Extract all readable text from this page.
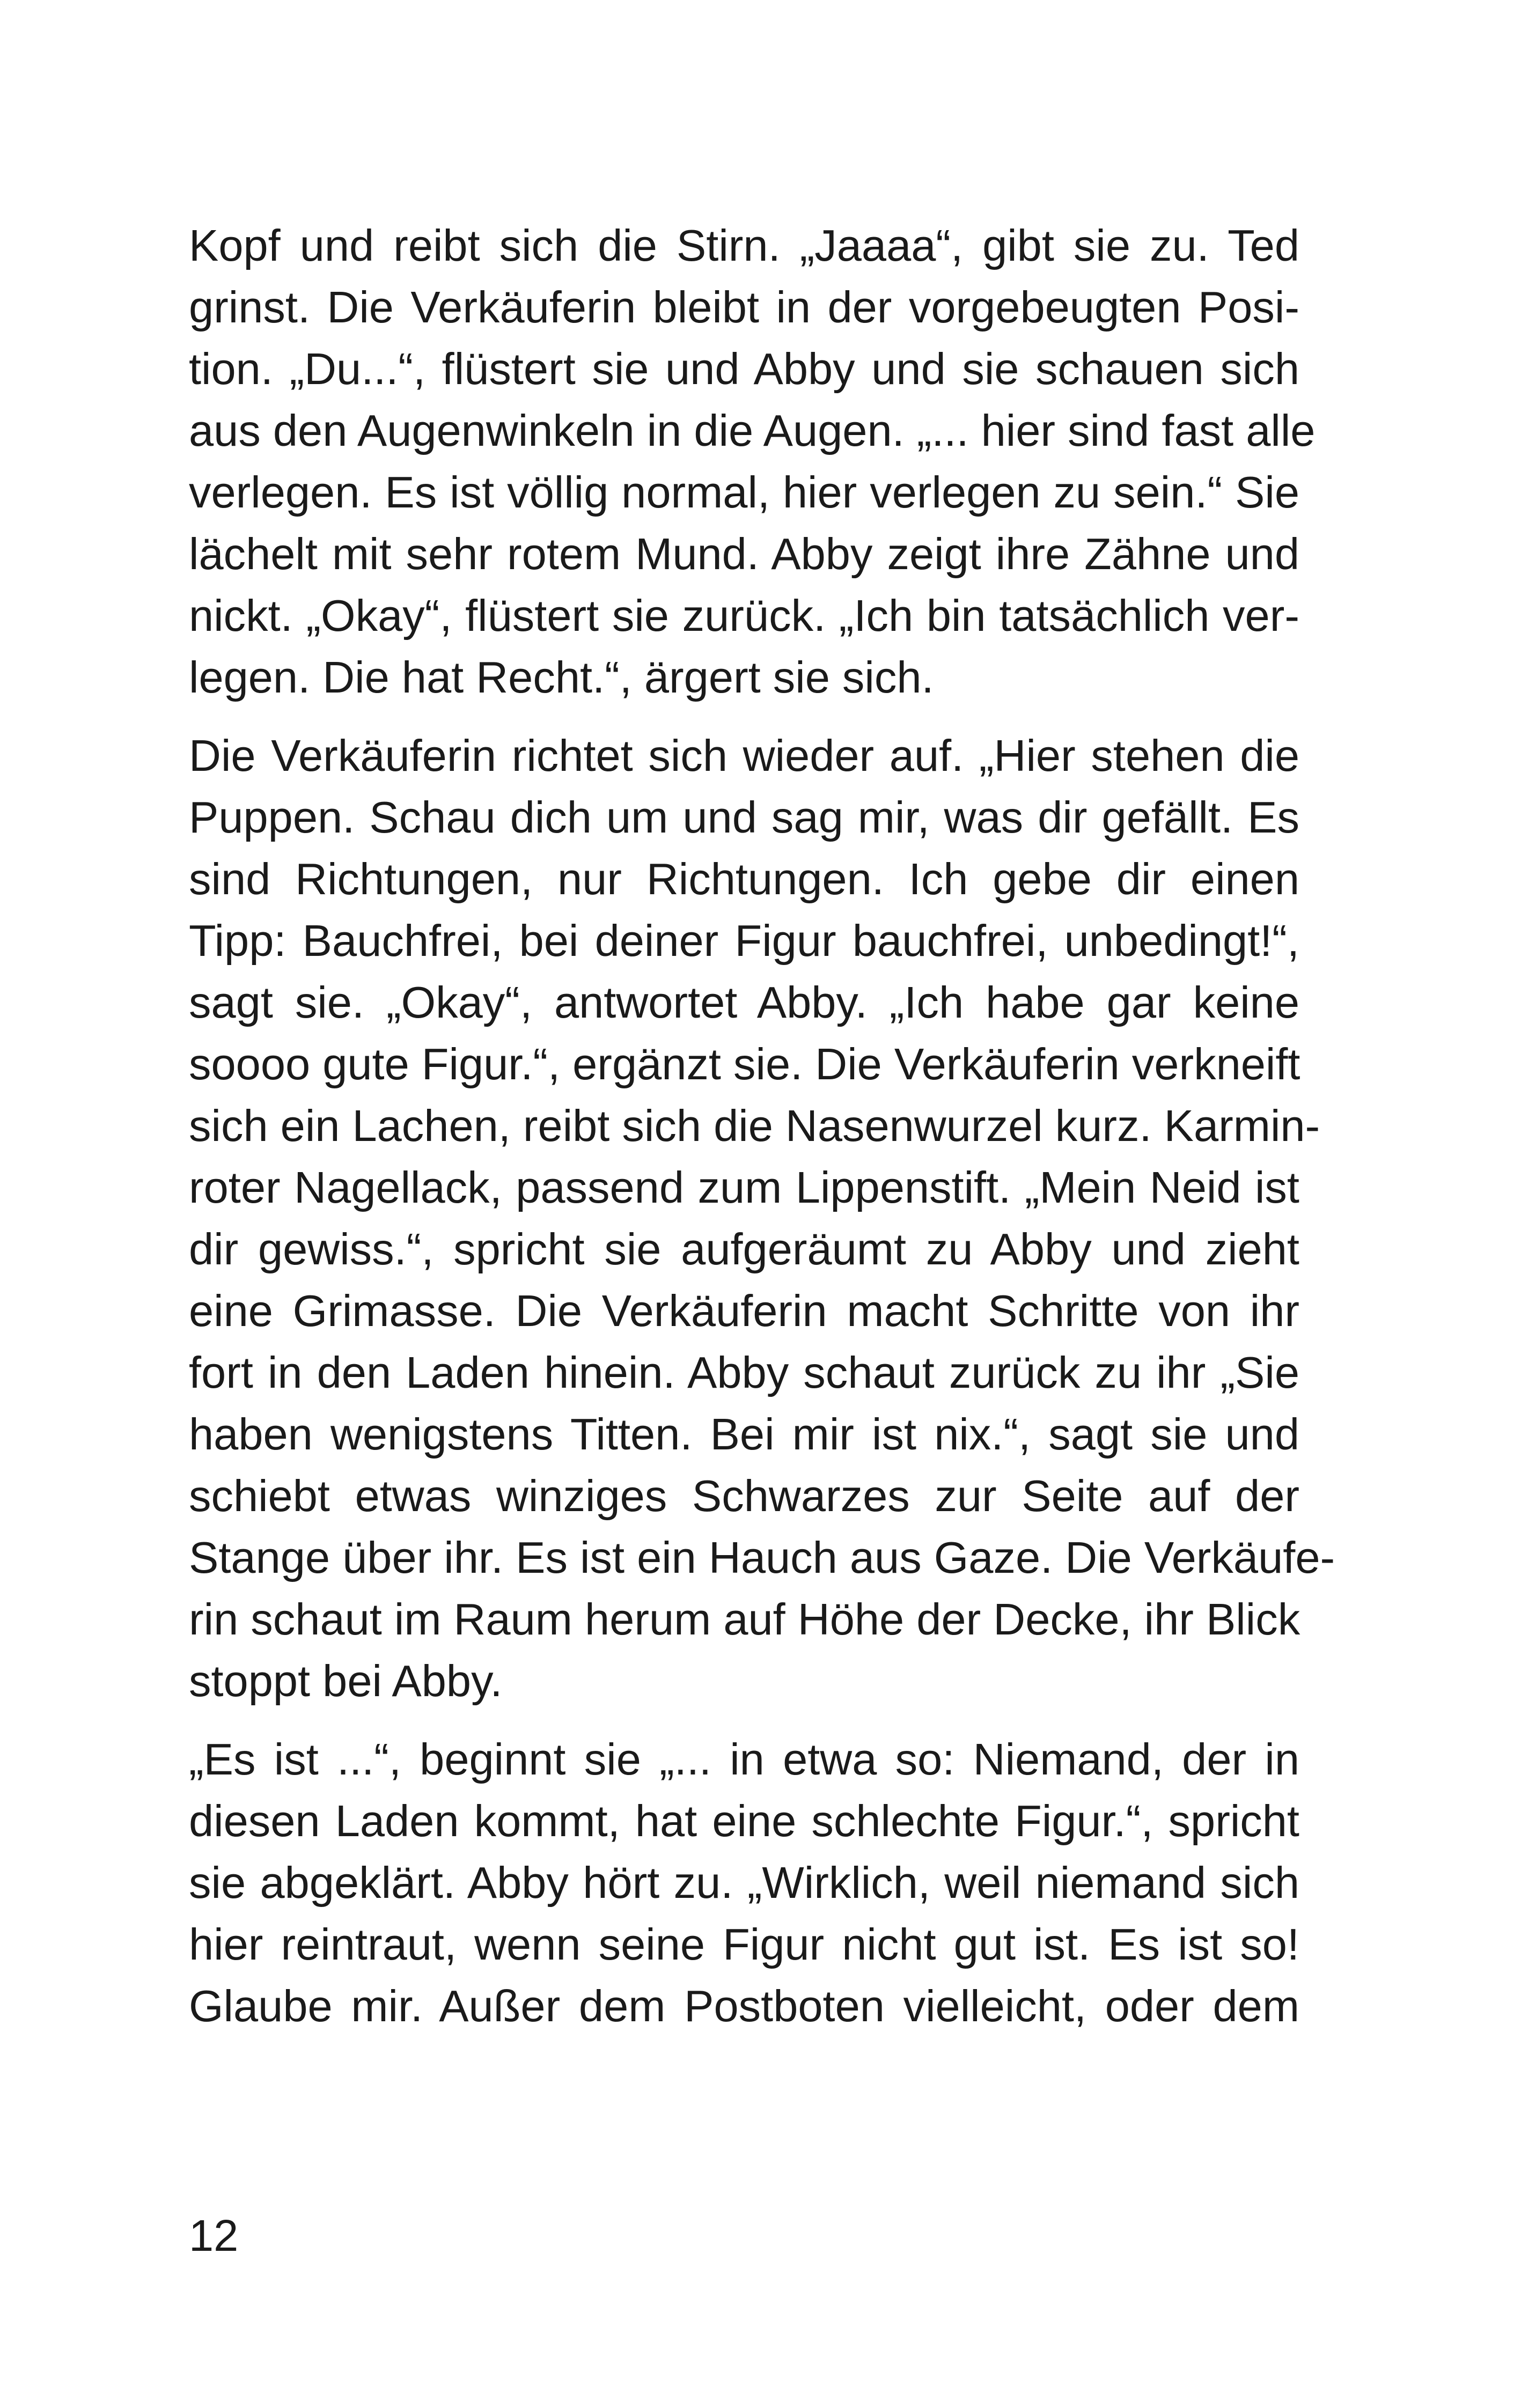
Kopf und reibt sich die Stirn. „Jaaaa“, gibt sie zu. Ted
grinst. Die Verkäuferin bleibt in der vorgebeugten Posi-
tion. „Du...“, flüstert sie und Abby und sie schauen sich
aus den Augenwinkeln in die Augen. „... hier sind fast alle
verlegen. Es ist völlig normal, hier verlegen zu sein.“ Sie
lächelt mit sehr rotem Mund. Abby zeigt ihre Zähne und
nickt. „Okay“, flüstert sie zurück. „Ich bin tatsächlich ver-
legen. Die hat Recht.“, ärgert sie sich.

Die Verkäuferin richtet sich wieder auf. „Hier stehen die
Puppen. Schau dich um und sag mir, was dir gefällt. Es
sind Richtungen, nur Richtungen. Ich gebe dir einen
Tipp: Bauchfrei, bei deiner Figur bauchfrei, unbedingt!“,
sagt sie. „Okay“, antwortet Abby. „Ich habe gar keine
soooo gute Figur.“, ergänzt sie. Die Verkäuferin verkneift
sich ein Lachen, reibt sich die Nasenwurzel kurz. Karmin-
roter Nagellack, passend zum Lippenstift. „Mein Neid ist
dir gewiss.“, spricht sie aufgeräumt zu Abby und zieht
eine Grimasse. Die Verkäuferin macht Schritte von ihr
fort in den Laden hinein. Abby schaut zurück zu ihr „Sie
haben wenigstens Titten. Bei mir ist nix.“, sagt sie und
schiebt etwas winziges Schwarzes zur Seite auf der
Stange über ihr. Es ist ein Hauch aus Gaze. Die Verkäufe-
rin schaut im Raum herum auf Höhe der Decke, ihr Blick
stoppt bei Abby.

„Es ist ...“, beginnt sie „... in etwa so: Niemand, der in
diesen Laden kommt, hat eine schlechte Figur.“, spricht
sie abgeklärt. Abby hört zu. „Wirklich, weil niemand sich
hier reintraut, wenn seine Figur nicht gut ist. Es ist so!
Glaube mir. Außer dem Postboten vielleicht, oder dem

12
